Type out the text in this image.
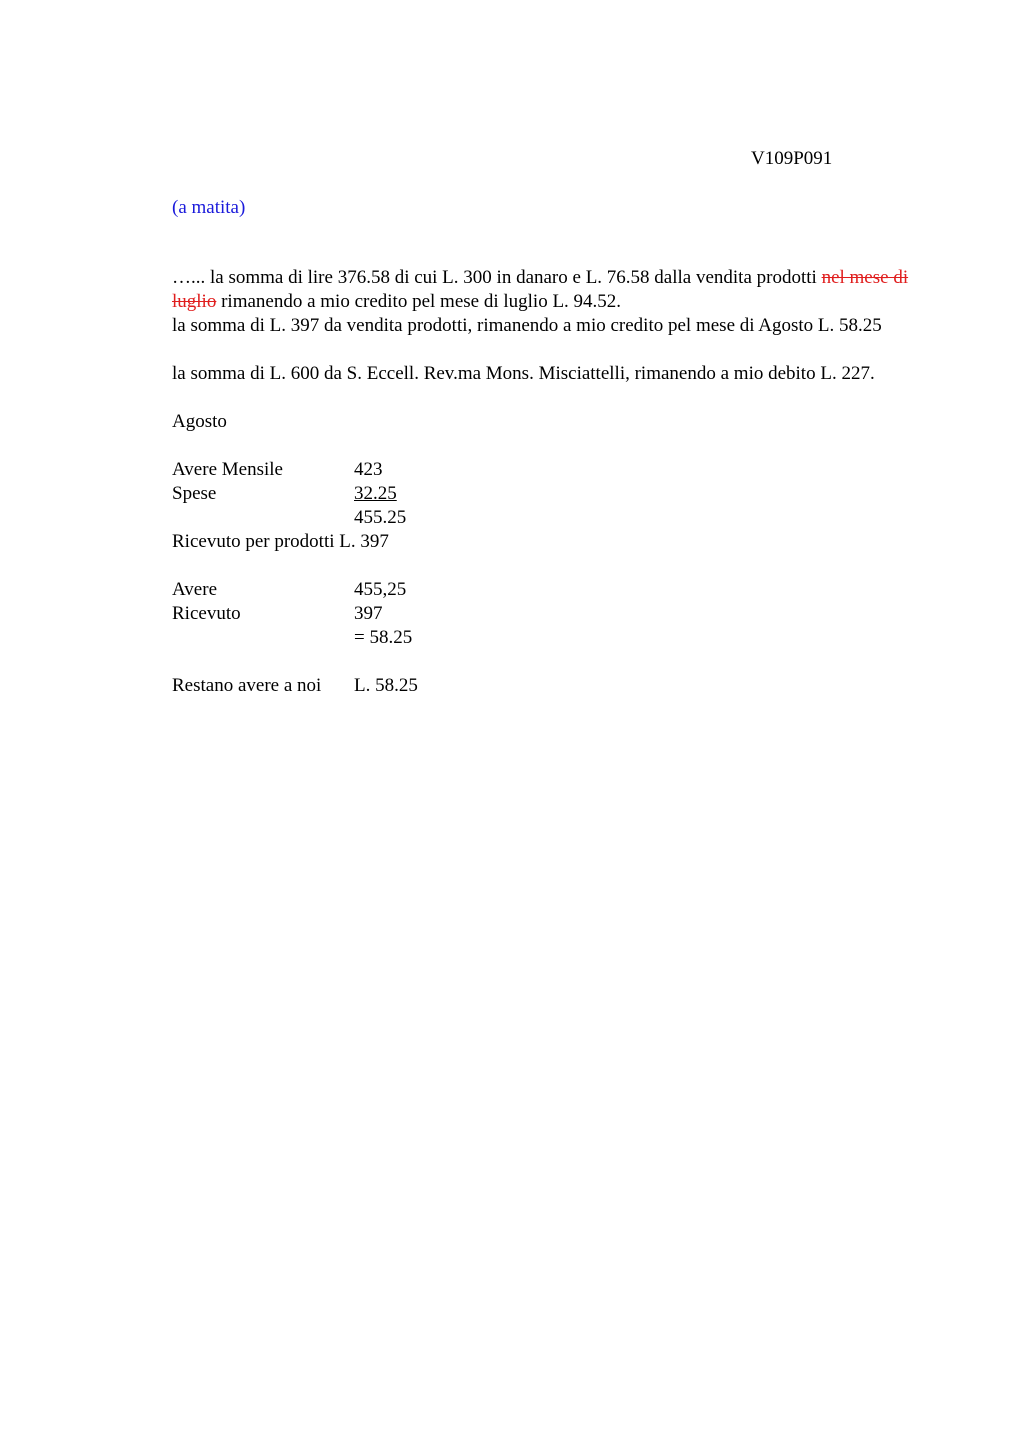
V109P091
(a matita)

…... la somma di lire 376.58 di cui L. 300 in danaro e L. 76.58 dalla vendita prodotti nel mese di luglio rimanendo a mio credito pel mese di luglio L. 94.52.

la somma di L. 397 da vendita prodotti, rimanendo a mio credito pel mese di Agosto L. 58.25

la somma di L. 600 da S. Eccell. Rev.ma Mons. Misciattelli, rimanendo a mio debito L. 227.

Agosto

Avere Mensile	423
Spese	32.25
455.25

Ricevuto per prodotti L. 397

Avere	455,25
Ricevuto	397
= 58.25
Restano avere a noi	L. 58.25
